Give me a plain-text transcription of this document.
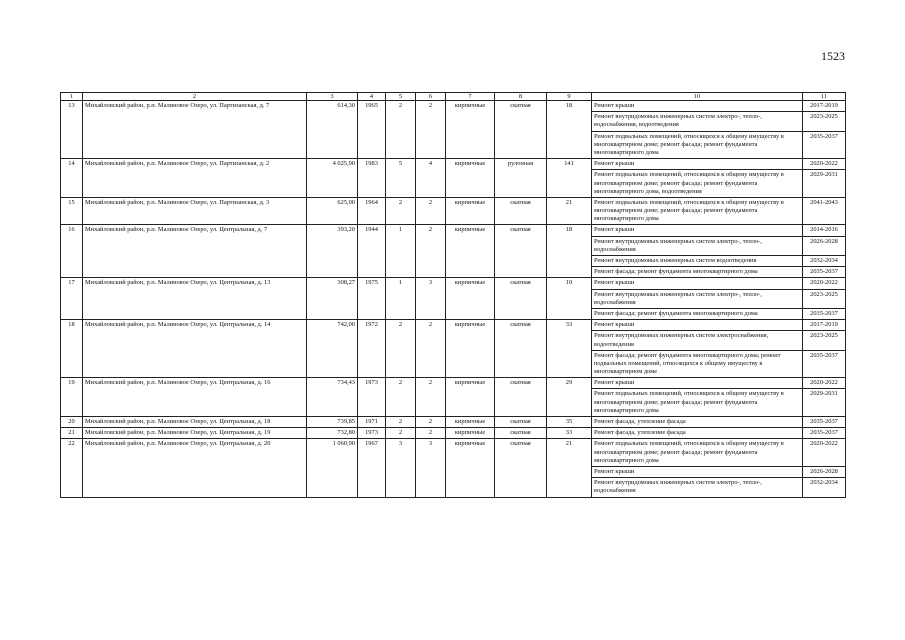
1523
1	2	3	4	5	6	7	8	9	10	11
13	Михайловский район, р.п. Малиновое Озеро, ул. Партизанская, д. 7	614,30	1965	2	2	кирпичные	скатная	18	Ремонт крыши	2017-2019
									Ремонт внутридомовых инженерных систем электро-, тепло-, водоснабжения, водоотведения	2023-2025
									Ремонт подвальных помещений, относящихся к общему имуществу в многоквартирном доме; ремонт фасада; ремонт фундамента многоквартирного дома	2035-2037
14	Михайловский район, р.п. Малиновое Озеро, ул. Партизанская, д. 2	4 025,90	1983	5	4	кирпичные	рулонная	141	Ремонт крыши	2020-2022
									Ремонт подвальных помещений, относящихся к общему имуществу в многоквартирном доме; ремонт фасада; ремонт фундамента многоквартирного дома, водоотведения	2029-2031
15	Михайловский район, р.п. Малиновое Озеро, ул. Партизанская, д. 3	625,00	1964	2	2	кирпичные	скатная	21	Ремонт подвальных помещений, относящихся к общему имуществу в многоквартирном доме; ремонт фасада; ремонт фундамента многоквартирного дома	2041-2043
16	Михайловский район, р.п. Малиновое Озеро, ул. Центральная, д. 7	393,20	1944	1	2	кирпичные	скатная	18	Ремонт крыши	2014-2016
									Ремонт внутридомовых инженерных систем электро-, тепло-, водоснабжения	2026-2028
									Ремонт внутридомовых инженерных систем водоотведения	2032-2034
									Ремонт фасада; ремонт фундамента многоквартирного дома	2035-2037
17	Михайловский район, р.п. Малиновое Озеро, ул. Центральная, д. 13	308,27	1975	1	3	кирпичные	скатная	10	Ремонт крыши	2020-2022
									Ремонт внутридомовых инженерных систем электро-, тепло-, водоснабжения	2023-2025
									Ремонт фасада; ремонт фундамента многоквартирного дома	2035-2037
18	Михайловский район, р.п. Малиновое Озеро, ул. Центральная, д. 14	742,00	1972	2	2	кирпичные	скатная	33	Ремонт крыши	2017-2019
									Ремонт внутридомовых инженерных систем электроснабжения, водоотведения	2023-2025
									Ремонт фасада; ремонт фундамента многоквартирного дома; ремонт подвальных помещений, относящихся к общему имуществу в многоквартирном доме	2035-2037
19	Михайловский район, р.п. Малиновое Озеро, ул. Центральная, д. 16	734,43	1973	2	2	кирпичные	скатная	29	Ремонт крыши	2020-2022
									Ремонт подвальных помещений, относящихся к общему имуществу в многоквартирном доме; ремонт фасада; ремонт фундамента многоквартирного дома	2029-2031
20	Михайловский район, р.п. Малиновое Озеро, ул. Центральная, д. 18	739,85	1971	2	2	кирпичные	скатная	35	Ремонт фасада, утепление фасада	2035-2037
21	Михайловский район, р.п. Малиновое Озеро, ул. Центральная, д. 19	732,80	1973	2	2	кирпичные	скатная	33	Ремонт фасада, утепление фасада	2035-2037
22	Михайловский район, р.п. Малиновое Озеро, ул. Центральная, д. 20	1 060,90	1967	3	3	кирпичные	скатная	21	Ремонт подвальных помещений, относящихся к общему имуществу в многоквартирном доме; ремонт фасада; ремонт фундамента многоквартирного дома	2020-2022
									Ремонт крыши	2026-2028
									Ремонт внутридомовых инженерных систем электро-, тепло-, водоснабжения	2032-2034
